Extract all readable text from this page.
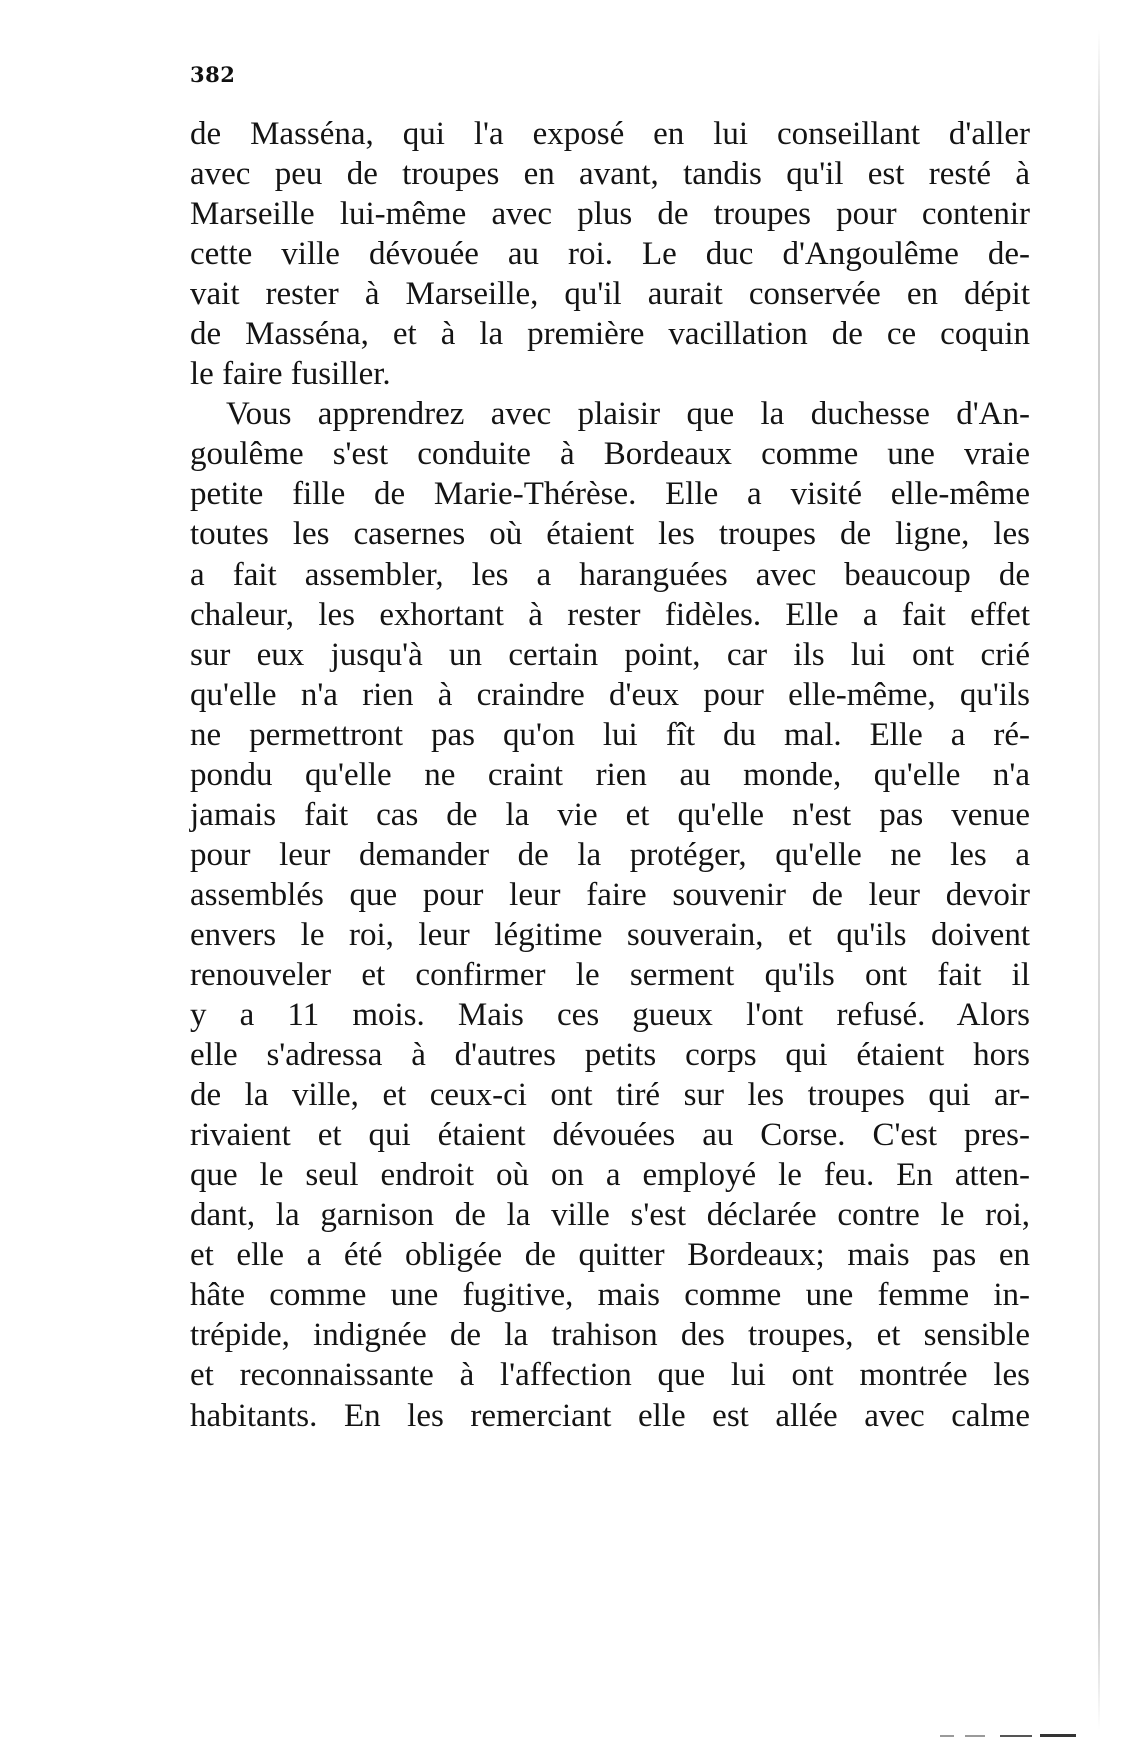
382
de Masséna, qui l'a exposé en lui conseillant d'aller
avec peu de troupes en avant, tandis qu'il est resté à
Marseille lui-même avec plus de troupes pour contenir
cette ville dévouée au roi. Le duc d'Angoulême de-
vait rester à Marseille, qu'il aurait conservée en dépit
de Masséna, et à la première vacillation de ce coquin
le faire fusiller.
Vous apprendrez avec plaisir que la duchesse d'An-
goulême s'est conduite à Bordeaux comme une vraie
petite fille de Marie-Thérèse. Elle a visité elle-même
toutes les casernes où étaient les troupes de ligne, les
a fait assembler, les a haranguées avec beaucoup de
chaleur, les exhortant à rester fidèles. Elle a fait effet
sur eux jusqu'à un certain point, car ils lui ont crié
qu'elle n'a rien à craindre d'eux pour elle-même, qu'ils
ne permettront pas qu'on lui fît du mal. Elle a ré-
pondu qu'elle ne craint rien au monde, qu'elle n'a
jamais fait cas de la vie et qu'elle n'est pas venue
pour leur demander de la protéger, qu'elle ne les a
assemblés que pour leur faire souvenir de leur devoir
envers le roi, leur légitime souverain, et qu'ils doivent
renouveler et confirmer le serment qu'ils ont fait il
y a 11 mois. Mais ces gueux l'ont refusé. Alors
elle s'adressa à d'autres petits corps qui étaient hors
de la ville, et ceux-ci ont tiré sur les troupes qui ar-
rivaient et qui étaient dévouées au Corse. C'est pres-
que le seul endroit où on a employé le feu. En atten-
dant, la garnison de la ville s'est déclarée contre le roi,
et elle a été obligée de quitter Bordeaux; mais pas en
hâte comme une fugitive, mais comme une femme in-
trépide, indignée de la trahison des troupes, et sensible
et reconnaissante à l'affection que lui ont montrée les
habitants. En les remerciant elle est allée avec calme
